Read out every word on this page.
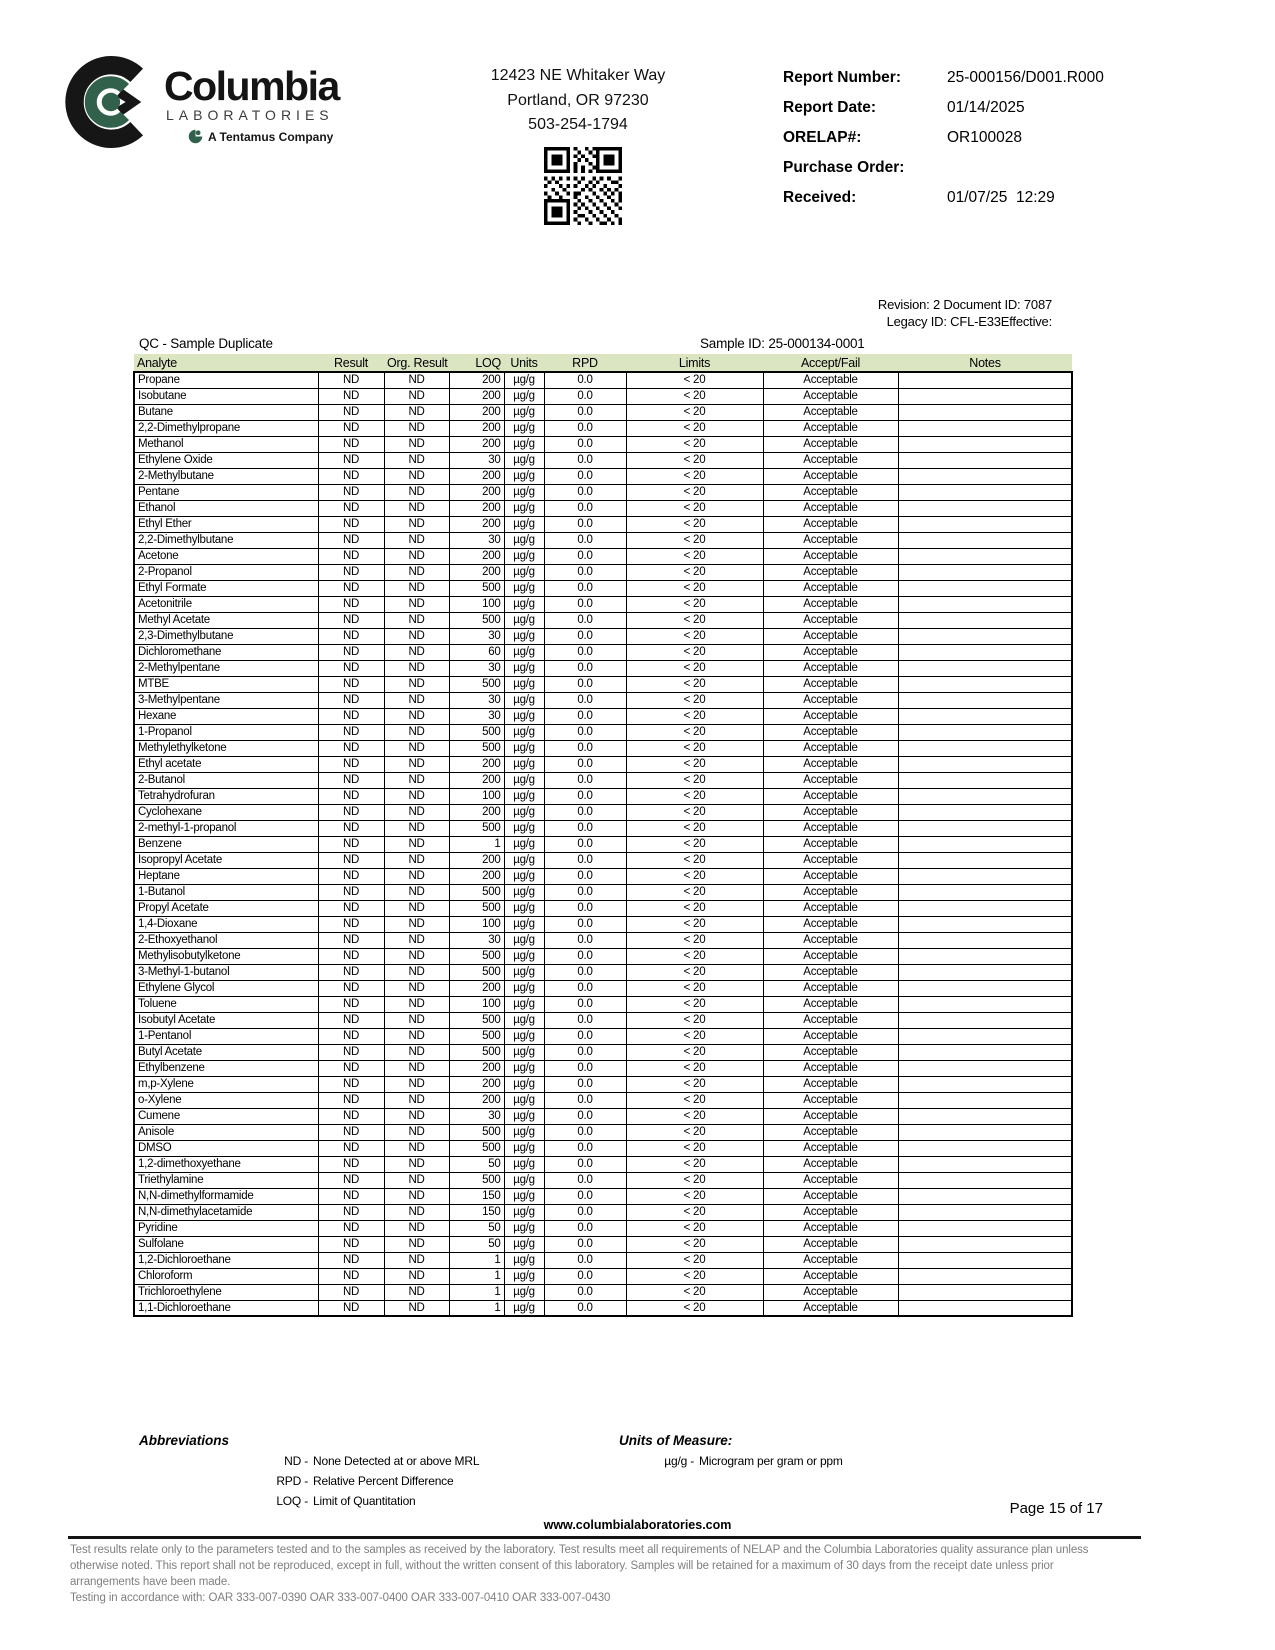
Columbia
LABORATORIES
A Tentamus Company
12423 NE Whitaker Way
Portland, OR 97230
503-254-1794
Report Number:	25-000156/D001.R000
Report Date:	01/14/2025
ORELAP#:	OR100028
Purchase Order:
Received:	01/07/25  12:29
Revision: 2 Document ID: 7087
Legacy ID: CFL-E33Effective:
QC - Sample Duplicate	Sample ID: 25-000134-0001
Analyte	Result	Org. Result	LOQ	Units	RPD	Limits	Accept/Fail	Notes
Propane	ND	ND	200	µg/g	0.0	< 20	Acceptable	
Isobutane	ND	ND	200	µg/g	0.0	< 20	Acceptable	
Butane	ND	ND	200	µg/g	0.0	< 20	Acceptable	
2,2-Dimethylpropane	ND	ND	200	µg/g	0.0	< 20	Acceptable	
Methanol	ND	ND	200	µg/g	0.0	< 20	Acceptable	
Ethylene Oxide	ND	ND	30	µg/g	0.0	< 20	Acceptable	
2-Methylbutane	ND	ND	200	µg/g	0.0	< 20	Acceptable	
Pentane	ND	ND	200	µg/g	0.0	< 20	Acceptable	
Ethanol	ND	ND	200	µg/g	0.0	< 20	Acceptable	
Ethyl Ether	ND	ND	200	µg/g	0.0	< 20	Acceptable	
2,2-Dimethylbutane	ND	ND	30	µg/g	0.0	< 20	Acceptable	
Acetone	ND	ND	200	µg/g	0.0	< 20	Acceptable	
2-Propanol	ND	ND	200	µg/g	0.0	< 20	Acceptable	
Ethyl Formate	ND	ND	500	µg/g	0.0	< 20	Acceptable	
Acetonitrile	ND	ND	100	µg/g	0.0	< 20	Acceptable	
Methyl Acetate	ND	ND	500	µg/g	0.0	< 20	Acceptable	
2,3-Dimethylbutane	ND	ND	30	µg/g	0.0	< 20	Acceptable	
Dichloromethane	ND	ND	60	µg/g	0.0	< 20	Acceptable	
2-Methylpentane	ND	ND	30	µg/g	0.0	< 20	Acceptable	
MTBE	ND	ND	500	µg/g	0.0	< 20	Acceptable	
3-Methylpentane	ND	ND	30	µg/g	0.0	< 20	Acceptable	
Hexane	ND	ND	30	µg/g	0.0	< 20	Acceptable	
1-Propanol	ND	ND	500	µg/g	0.0	< 20	Acceptable	
Methylethylketone	ND	ND	500	µg/g	0.0	< 20	Acceptable	
Ethyl acetate	ND	ND	200	µg/g	0.0	< 20	Acceptable	
2-Butanol	ND	ND	200	µg/g	0.0	< 20	Acceptable	
Tetrahydrofuran	ND	ND	100	µg/g	0.0	< 20	Acceptable	
Cyclohexane	ND	ND	200	µg/g	0.0	< 20	Acceptable	
2-methyl-1-propanol	ND	ND	500	µg/g	0.0	< 20	Acceptable	
Benzene	ND	ND	1	µg/g	0.0	< 20	Acceptable	
Isopropyl Acetate	ND	ND	200	µg/g	0.0	< 20	Acceptable	
Heptane	ND	ND	200	µg/g	0.0	< 20	Acceptable	
1-Butanol	ND	ND	500	µg/g	0.0	< 20	Acceptable	
Propyl Acetate	ND	ND	500	µg/g	0.0	< 20	Acceptable	
1,4-Dioxane	ND	ND	100	µg/g	0.0	< 20	Acceptable	
2-Ethoxyethanol	ND	ND	30	µg/g	0.0	< 20	Acceptable	
Methylisobutylketone	ND	ND	500	µg/g	0.0	< 20	Acceptable	
3-Methyl-1-butanol	ND	ND	500	µg/g	0.0	< 20	Acceptable	
Ethylene Glycol	ND	ND	200	µg/g	0.0	< 20	Acceptable	
Toluene	ND	ND	100	µg/g	0.0	< 20	Acceptable	
Isobutyl Acetate	ND	ND	500	µg/g	0.0	< 20	Acceptable	
1-Pentanol	ND	ND	500	µg/g	0.0	< 20	Acceptable	
Butyl Acetate	ND	ND	500	µg/g	0.0	< 20	Acceptable	
Ethylbenzene	ND	ND	200	µg/g	0.0	< 20	Acceptable	
m,p-Xylene	ND	ND	200	µg/g	0.0	< 20	Acceptable	
o-Xylene	ND	ND	200	µg/g	0.0	< 20	Acceptable	
Cumene	ND	ND	30	µg/g	0.0	< 20	Acceptable	
Anisole	ND	ND	500	µg/g	0.0	< 20	Acceptable	
DMSO	ND	ND	500	µg/g	0.0	< 20	Acceptable	
1,2-dimethoxyethane	ND	ND	50	µg/g	0.0	< 20	Acceptable	
Triethylamine	ND	ND	500	µg/g	0.0	< 20	Acceptable	
N,N-dimethylformamide	ND	ND	150	µg/g	0.0	< 20	Acceptable	
N,N-dimethylacetamide	ND	ND	150	µg/g	0.0	< 20	Acceptable	
Pyridine	ND	ND	50	µg/g	0.0	< 20	Acceptable	
Sulfolane	ND	ND	50	µg/g	0.0	< 20	Acceptable	
1,2-Dichloroethane	ND	ND	1	µg/g	0.0	< 20	Acceptable	
Chloroform	ND	ND	1	µg/g	0.0	< 20	Acceptable	
Trichloroethylene	ND	ND	1	µg/g	0.0	< 20	Acceptable	
1,1-Dichloroethane	ND	ND	1	µg/g	0.0	< 20	Acceptable	
Abbreviations
ND - None Detected at or above MRL
RPD - Relative Percent Difference
LOQ - Limit of Quantitation
Units of Measure:
µg/g - Microgram per gram or ppm
Page 15 of 17
www.columbialaboratories.com

Test results relate only to the parameters tested and to the samples as received by the laboratory. Test results meet all requirements of NELAP and the Columbia Laboratories quality assurance plan unless otherwise noted. This report shall not be reproduced, except in full, without the written consent of this laboratory. Samples will be retained for a maximum of 30 days from the receipt date unless prior arrangements have been made.

Testing in accordance with: OAR 333-007-0390 OAR 333-007-0400 OAR 333-007-0410 OAR 333-007-0430
